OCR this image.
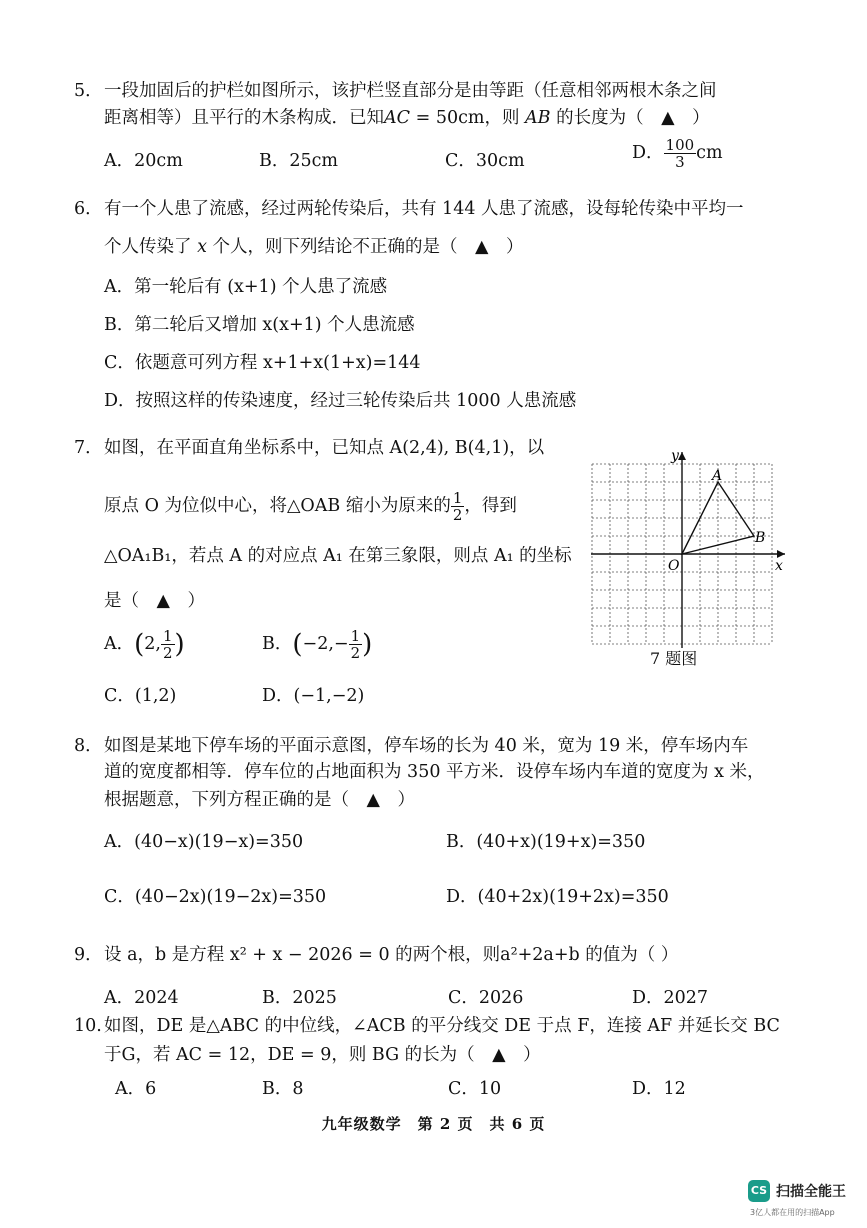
5． 一段加固后的护栏如图所示，该护栏竖直部分是由等距（任意相邻两根木条之间
距离相等）且平行的木条构成．已知AC = 50cm，则 AB 的长度为（　▲　）
A．20cm	B．25cm	C．30cm	D． $\frac{100}{3}$ cm
6． 有一个人患了流感，经过两轮传染后，共有 144 人患了流感，设每轮传染中平均一
个人传染了 x 个人，则下列结论不正确的是（　▲　）
A．第一轮后有 (x+1) 个人患了流感
B．第二轮后又增加 x(x+1) 个人患流感
C．依题意可列方程 x+1+x(1+x)=144
D．按照这样的传染速度，经过三轮传染后共 1000 人患流感
7． 如图，在平面直角坐标系中，已知点 A(2,4), B(4,1)，以
原点 O 为位似中心，将△OAB 缩小为原来的 $\frac{1}{2}$ ，得到
△OA₁B₁，若点 A 的对应点 A₁ 在第三象限，则点 A₁ 的坐标
是（　▲　）
A．(2, $\frac{1}{2}$ )	B．($-2,- \frac{1}{2}$ )
C．(1,2)	D．(−1,−2)
y
x
O
A
B
7 题图
8． 如图是某地下停车场的平面示意图，停车场的长为 40 米，宽为 19 米，停车场内车
道的宽度都相等．停车位的占地面积为 350 平方米．设停车场内车道的宽度为 x 米，
根据题意，下列方程正确的是（　▲　）
A．(40−x)(19−x)=350	B．(40+x)(19+x)=350
C．(40−2x)(19−2x)=350	D．(40+2x)(19+2x)=350
9． 设 a，b 是方程 x² + x − 2026 = 0 的两个根，则a²+2a+b 的值为（ ）
A．2024	B．2025	C．2026	D．2027
10. 如图，DE 是△ABC 的中位线，∠ACB 的平分线交 DE 于点 F，连接 AF 并延长交 BC
于G，若 AC = 12，DE = 9，则 BG 的长为（　▲　）
A．6	B．8	C．10	D．12
九年级数学　第 2 页　共 6 页
CS 扫描全能王
3亿人都在用的扫描App
